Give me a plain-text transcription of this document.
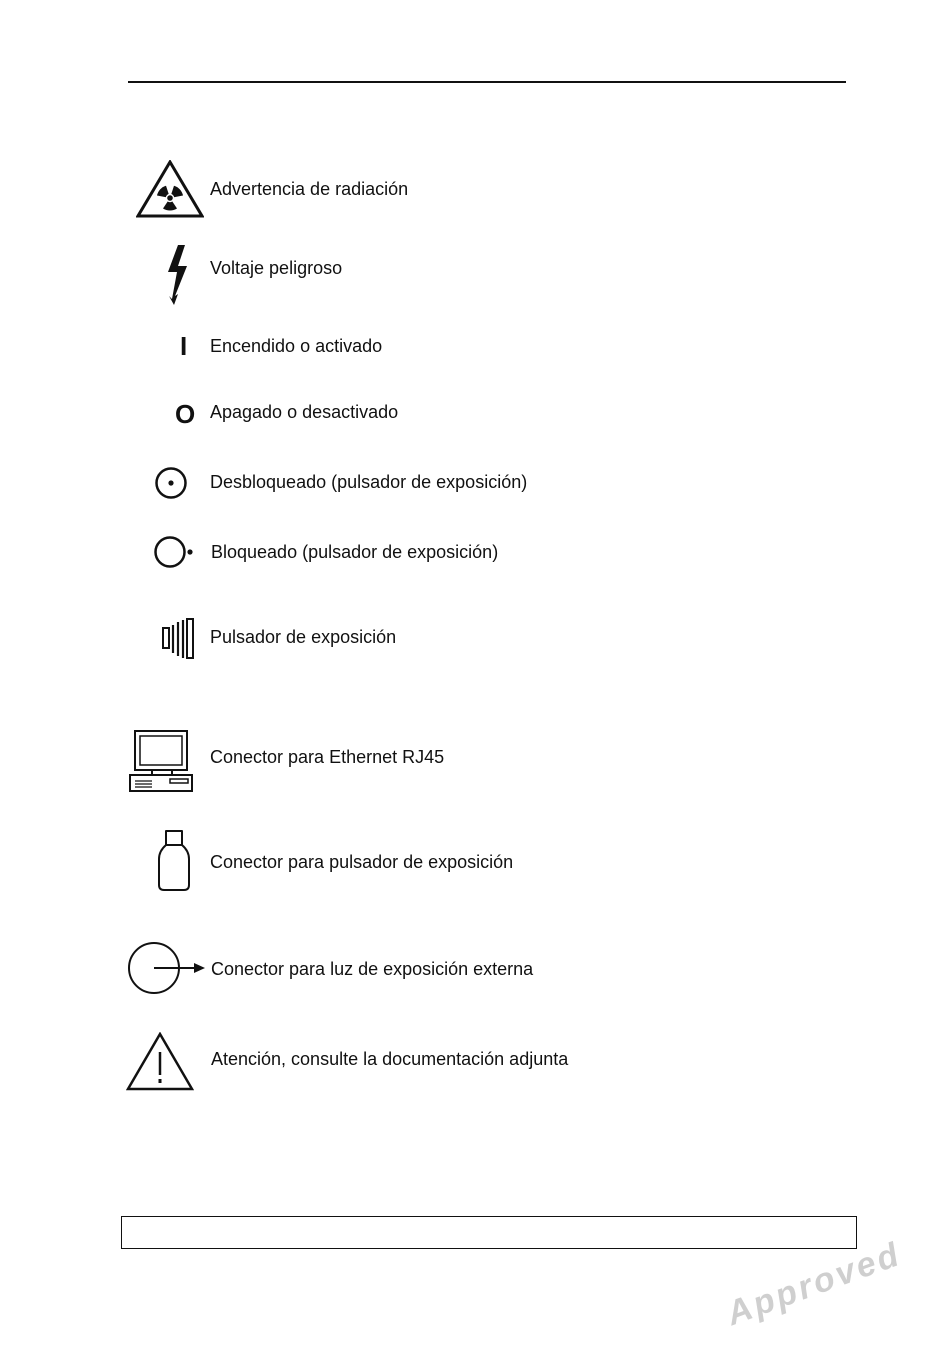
Advertencia de radiación
Voltaje peligroso
I Encendido o activado
O Apagado o desactivado
Desbloqueado (pulsador de exposición)
Bloqueado (pulsador de exposición)
Pulsador de exposición
Conector para Ethernet RJ45
Conector para pulsador de exposición
Conector para luz de exposición externa
Atención, consulte la documentación adjunta
Approved
